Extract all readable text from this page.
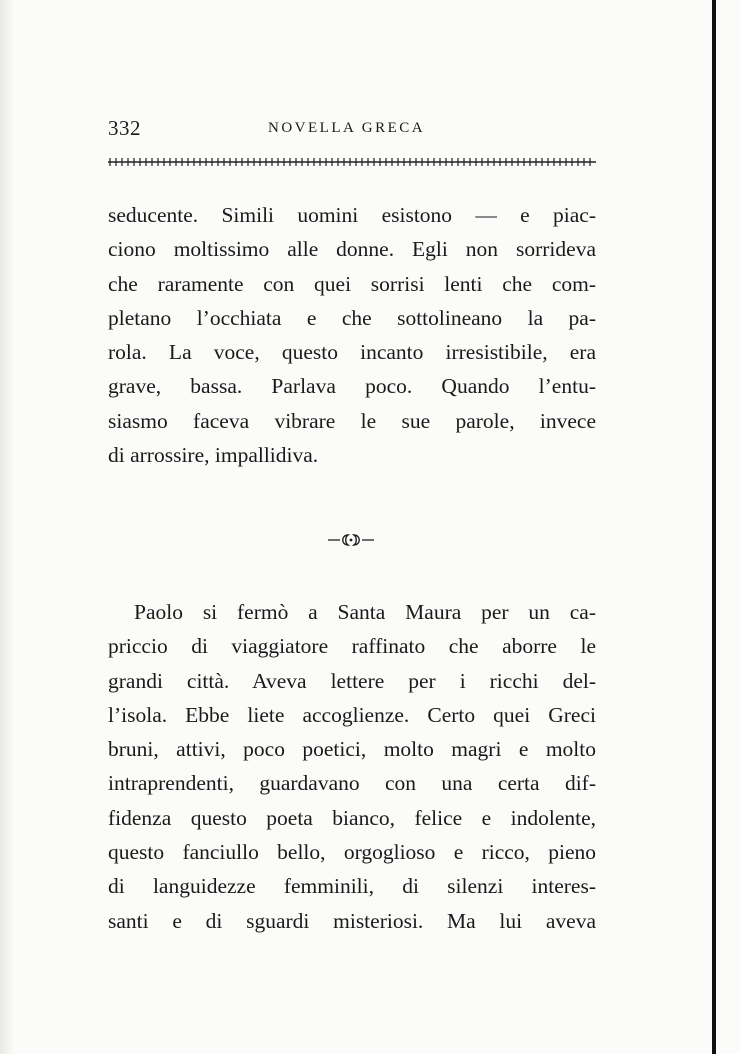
332	NOVELLA GRECA
seducente. Simili uomini esistono — e piac-
ciono moltissimo alle donne. Egli non sorrideva
che raramente con quei sorrisi lenti che com-
pletano l’occhiata e che sottolineano la pa-
rola. La voce, questo incanto irresistibile, era
grave, bassa. Parlava poco. Quando l’entu-
siasmo faceva vibrare le sue parole, invece
di arrossire, impallidiva.
Paolo si fermò a Santa Maura per un ca-
priccio di viaggiatore raffinato che aborre le
grandi città. Aveva lettere per i ricchi del-
l’isola. Ebbe liete accoglienze. Certo quei Greci
bruni, attivi, poco poetici, molto magri e molto
intraprendenti, guardavano con una certa dif-
fidenza questo poeta bianco, felice e indolente,
questo fanciullo bello, orgoglioso e ricco, pieno
di languidezze femminili, di silenzi interes-
santi e di sguardi misteriosi. Ma lui aveva
